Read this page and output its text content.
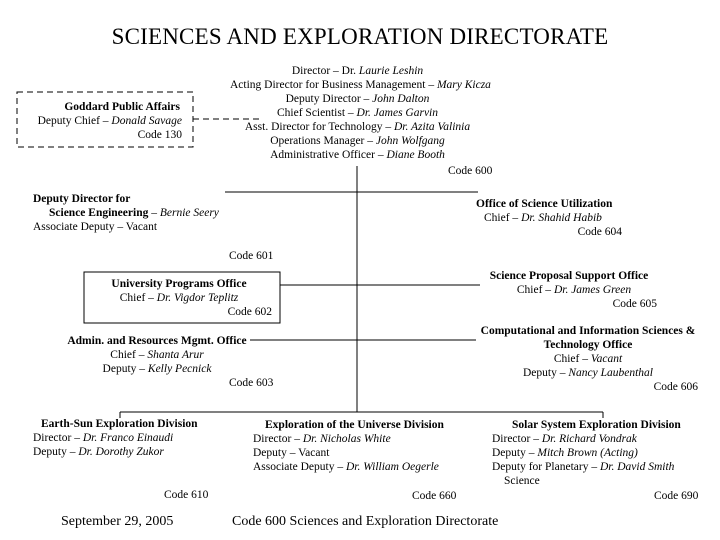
SCIENCES AND EXPLORATION DIRECTORATE
Director – Dr. Laurie Leshin
Acting Director for Business Management – Mary Kicza
Deputy Director – John Dalton
Chief Scientist – Dr. James Garvin
Asst. Director for Technology – Dr. Azita Valinia
Operations Manager – John Wolfgang
Administrative Officer – Diane Booth
Code 600
Goddard Public Affairs
Deputy Chief – Donald Savage
Code 130
Deputy Director for
Science Engineering – Bernie Seery
Associate Deputy – Vacant
Office of Science Utilization
Chief – Dr. Shahid Habib
Code 604
Code 601
University Programs Office
Chief – Dr. Vigdor Teplitz
Code 602
Science Proposal Support Office
Chief – Dr. James Green
Code 605
Admin. and Resources Mgmt. Office
Chief – Shanta Arur
Deputy – Kelly Pecnick
Code 603
Computational and Information Sciences &
Technology Office
Chief – Vacant
Deputy – Nancy Laubenthal
Code 606
Earth-Sun Exploration Division
Director – Dr. Franco Einaudi
Deputy – Dr. Dorothy Zukor
Code 610
Exploration of the Universe Division
Director – Dr. Nicholas White
Deputy – Vacant
Associate Deputy – Dr. William Oegerle
Code 660
Solar System Exploration Division
Director – Dr. Richard Vondrak
Deputy – Mitch Brown (Acting)
Deputy for Planetary – Dr. David Smith
Science
Code 690
September 29, 2005	Code 600 Sciences and Exploration Directorate
